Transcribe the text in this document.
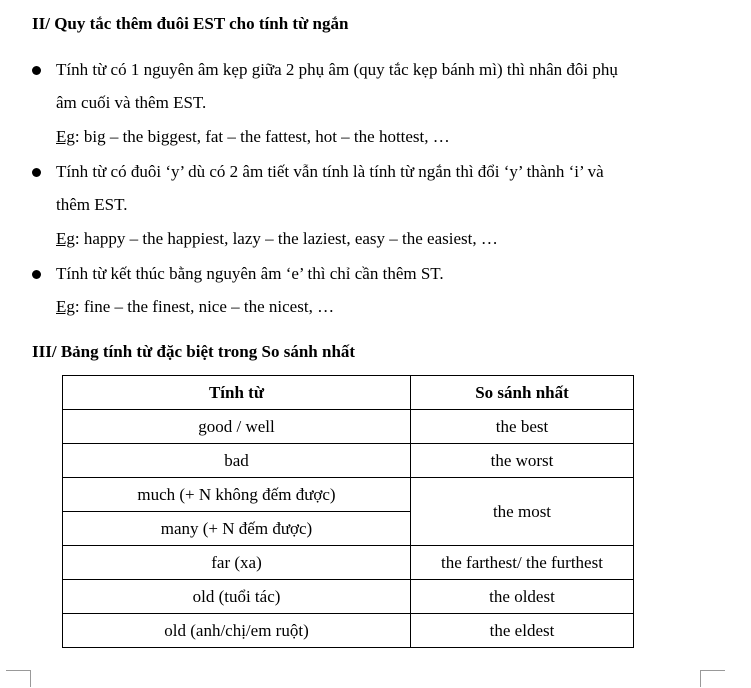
II/ Quy tắc thêm đuôi EST cho tính từ ngắn
Tính từ có 1 nguyên âm kẹp giữa 2 phụ âm (quy tắc kẹp bánh mì) thì nhân đôi phụ
âm cuối và thêm EST.
Eg: big – the biggest, fat – the fattest, hot – the hottest, …
Tính từ có đuôi ‘y’ dù có 2 âm tiết vẫn tính là tính từ ngắn thì đổi ‘y’ thành ‘i’ và
thêm EST.
Eg: happy – the happiest, lazy – the laziest, easy – the easiest, …
Tính từ kết thúc bằng nguyên âm ‘e’ thì chỉ cần thêm ST.
Eg: fine – the finest, nice – the nicest, …
III/ Bảng tính từ đặc biệt trong So sánh nhất
Tính từ	So sánh nhất
good / well	the best
bad	the worst
much (+ N không đếm được)	the most
many (+ N đếm được)	
far (xa)	the farthest/ the furthest
old (tuổi tác)	the oldest
old (anh/chị/em ruột)	the eldest
